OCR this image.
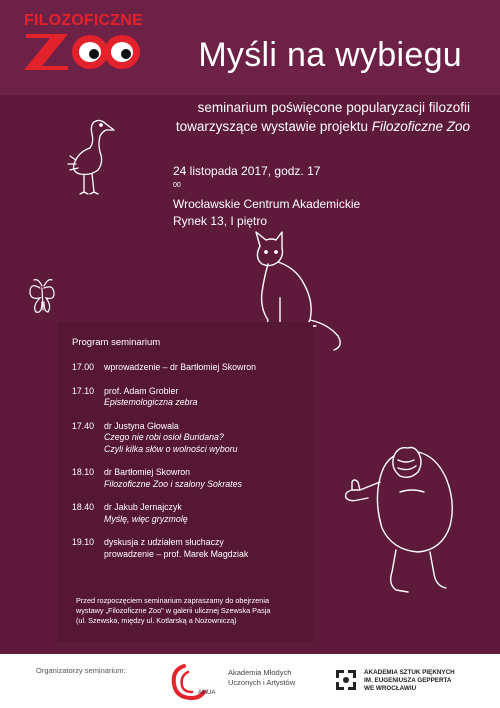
FILOZOFICZNE
Myśli na wybiegu
seminarium poświęcone popularyzacji filozofii
towarzyszące wystawie projektu Filozoficzne Zoo
24 listopada 2017, godz. 17
$^{00}$
Wrocławskie Centrum Akademickie
Rynek 13, I piętro
Program seminarium
17.00 wprowadzenie – dr Bartłomiej Skowron
17.10 prof. Adam Grobler
Epistemologiczna zebra
17.40 dr Justyna Głowala
Czego nie robi osioł Buridana?
Czyli kilka słów o wolności wyboru
18.10 dr Bartłomiej Skowron
Filozoficzne Zoo i szalony Sokrates
18.40 dr Jakub Jernajczyk
Myślę, więc gryzmolę
19.10 dyskusja z udziałem słuchaczy
prowadzenie – prof. Marek Magdziak
Przed rozpoczęciem seminarium zapraszamy do obejrzenia
wystawy „Filozoficzne Zoo" w galerii ulicznej Szewska Pasja
(ul. Szewska, między ul. Kotlarską a Nożowniczą)
Organizatorzy seminarium:
AMUA
Akademia Młodych
Uczonych i Artystów
AKADEMIA SZTUK PIĘKNYCH
IM. EUGENIUSZA GEPPERTA
WE WROCŁAWIU
